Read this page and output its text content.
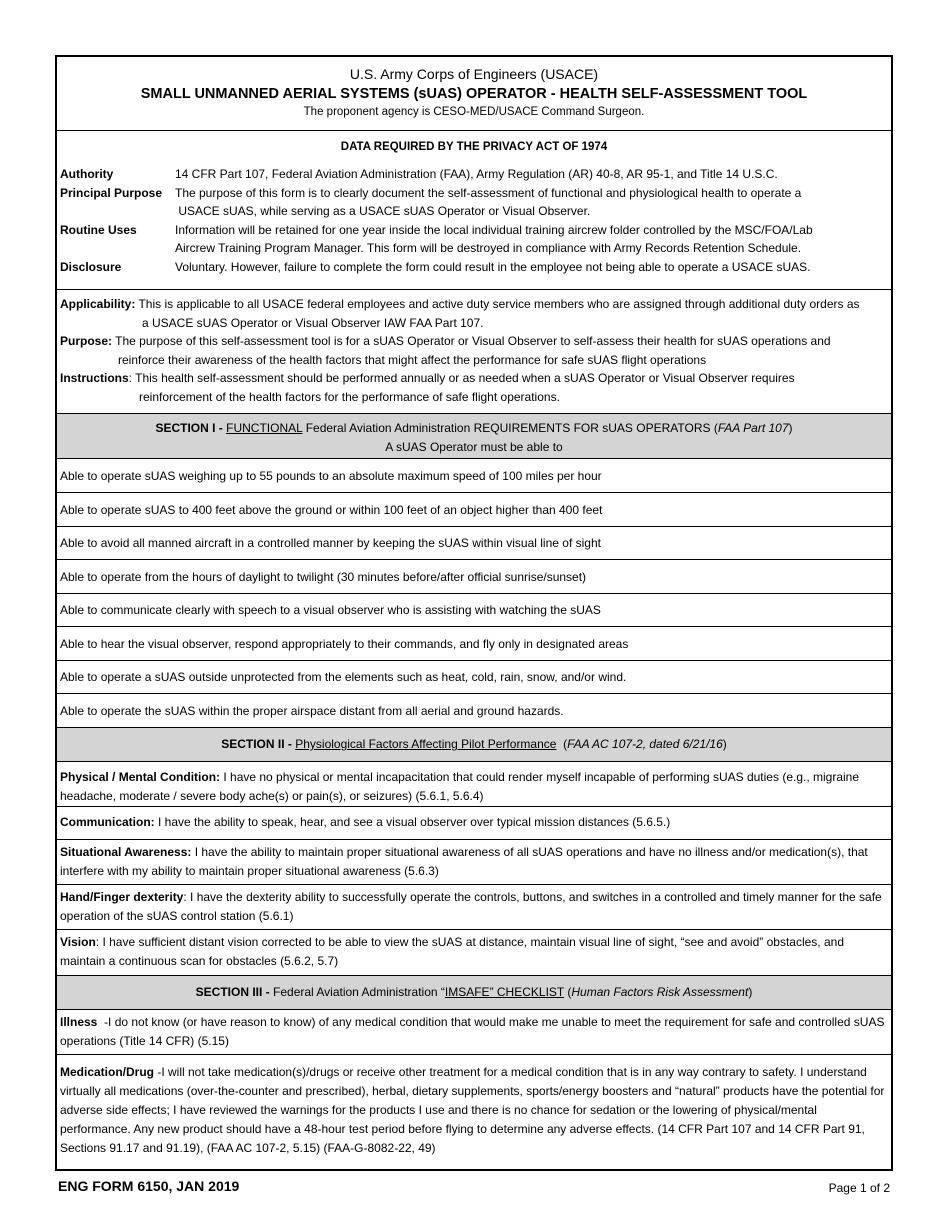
U.S. Army Corps of Engineers (USACE)
SMALL UNMANNED AERIAL SYSTEMS (sUAS) OPERATOR - HEALTH SELF-ASSESSMENT TOOL
The proponent agency is CESO-MED/USACE Command Surgeon.
DATA REQUIRED BY THE PRIVACY ACT OF 1974
Authority	14 CFR Part 107, Federal Aviation Administration (FAA), Army Regulation (AR) 40-8, AR 95-1, and Title 14 U.S.C.
Principal Purpose	The purpose of this form is to clearly document the self-assessment of functional and physiological health to operate a
USACE sUAS, while serving as a USACE sUAS Operator or Visual Observer.
Routine Uses	Information will be retained for one year inside the local individual training aircrew folder controlled by the MSC/FOA/Lab
Aircrew Training Program Manager. This form will be destroyed in compliance with Army Records Retention Schedule.
Disclosure	Voluntary. However, failure to complete the form could result in the employee not being able to operate a USACE sUAS.
Applicability: This is applicable to all USACE federal employees and active duty service members who are assigned through additional duty orders as
a USACE sUAS Operator or Visual Observer IAW FAA Part 107.
Purpose: The purpose of this self-assessment tool is for a sUAS Operator or Visual Observer to self-assess their health for sUAS operations and
reinforce their awareness of the health factors that might affect the performance for safe sUAS flight operations
Instructions: This health self-assessment should be performed annually or as needed when a sUAS Operator or Visual Observer requires
reinforcement of the health factors for the performance of safe flight operations.
SECTION I - FUNCTIONAL Federal Aviation Administration REQUIREMENTS FOR sUAS OPERATORS (FAA Part 107)
A sUAS Operator must be able to
Able to operate sUAS weighing up to 55 pounds to an absolute maximum speed of 100 miles per hour
Able to operate sUAS to 400 feet above the ground or within 100 feet of an object higher than 400 feet
Able to avoid all manned aircraft in a controlled manner by keeping the sUAS within visual line of sight
Able to operate from the hours of daylight to twilight (30 minutes before/after official sunrise/sunset)
Able to communicate clearly with speech to a visual observer who is assisting with watching the sUAS
Able to hear the visual observer, respond appropriately to their commands, and fly only in designated areas
Able to operate a sUAS outside unprotected from the elements such as heat, cold, rain, snow, and/or wind.
Able to operate the sUAS within the proper airspace distant from all aerial and ground hazards.
SECTION II - Physiological Factors Affecting Pilot Performance  (FAA AC 107-2, dated 6/21/16)
Physical / Mental Condition: I have no physical or mental incapacitation that could render myself incapable of performing sUAS duties (e.g., migraine headache, moderate / severe body ache(s) or pain(s), or seizures) (5.6.1, 5.6.4)
Communication: I have the ability to speak, hear, and see a visual observer over typical mission distances (5.6.5.)
Situational Awareness: I have the ability to maintain proper situational awareness of all sUAS operations and have no illness and/or medication(s), that interfere with my ability to maintain proper situational awareness (5.6.3)
Hand/Finger dexterity: I have the dexterity ability to successfully operate the controls, buttons, and switches in a controlled and timely manner for the safe operation of the sUAS control station (5.6.1)
Vision: I have sufficient distant vision corrected to be able to view the sUAS at distance, maintain visual line of sight, “see and avoid” obstacles, and maintain a continuous scan for obstacles (5.6.2, 5.7)
SECTION III - Federal Aviation Administration “IMSAFE” CHECKLIST (Human Factors Risk Assessment)
Illness  -I do not know (or have reason to know) of any medical condition that would make me unable to meet the requirement for safe and controlled sUAS operations (Title 14 CFR) (5.15)
Medication/Drug -I will not take medication(s)/drugs or receive other treatment for a medical condition that is in any way contrary to safety. I understand virtually all medications (over-the-counter and prescribed), herbal, dietary supplements, sports/energy boosters and “natural” products have the potential for adverse side effects; I have reviewed the warnings for the products I use and there is no chance for sedation or the lowering of physical/mental performance. Any new product should have a 48-hour test period before flying to determine any adverse effects. (14 CFR Part 107 and 14 CFR Part 91, Sections 91.17 and 91.19), (FAA AC 107-2, 5.15) (FAA-G-8082-22, 49)
ENG FORM 6150, JAN 2019	Page 1 of 2
